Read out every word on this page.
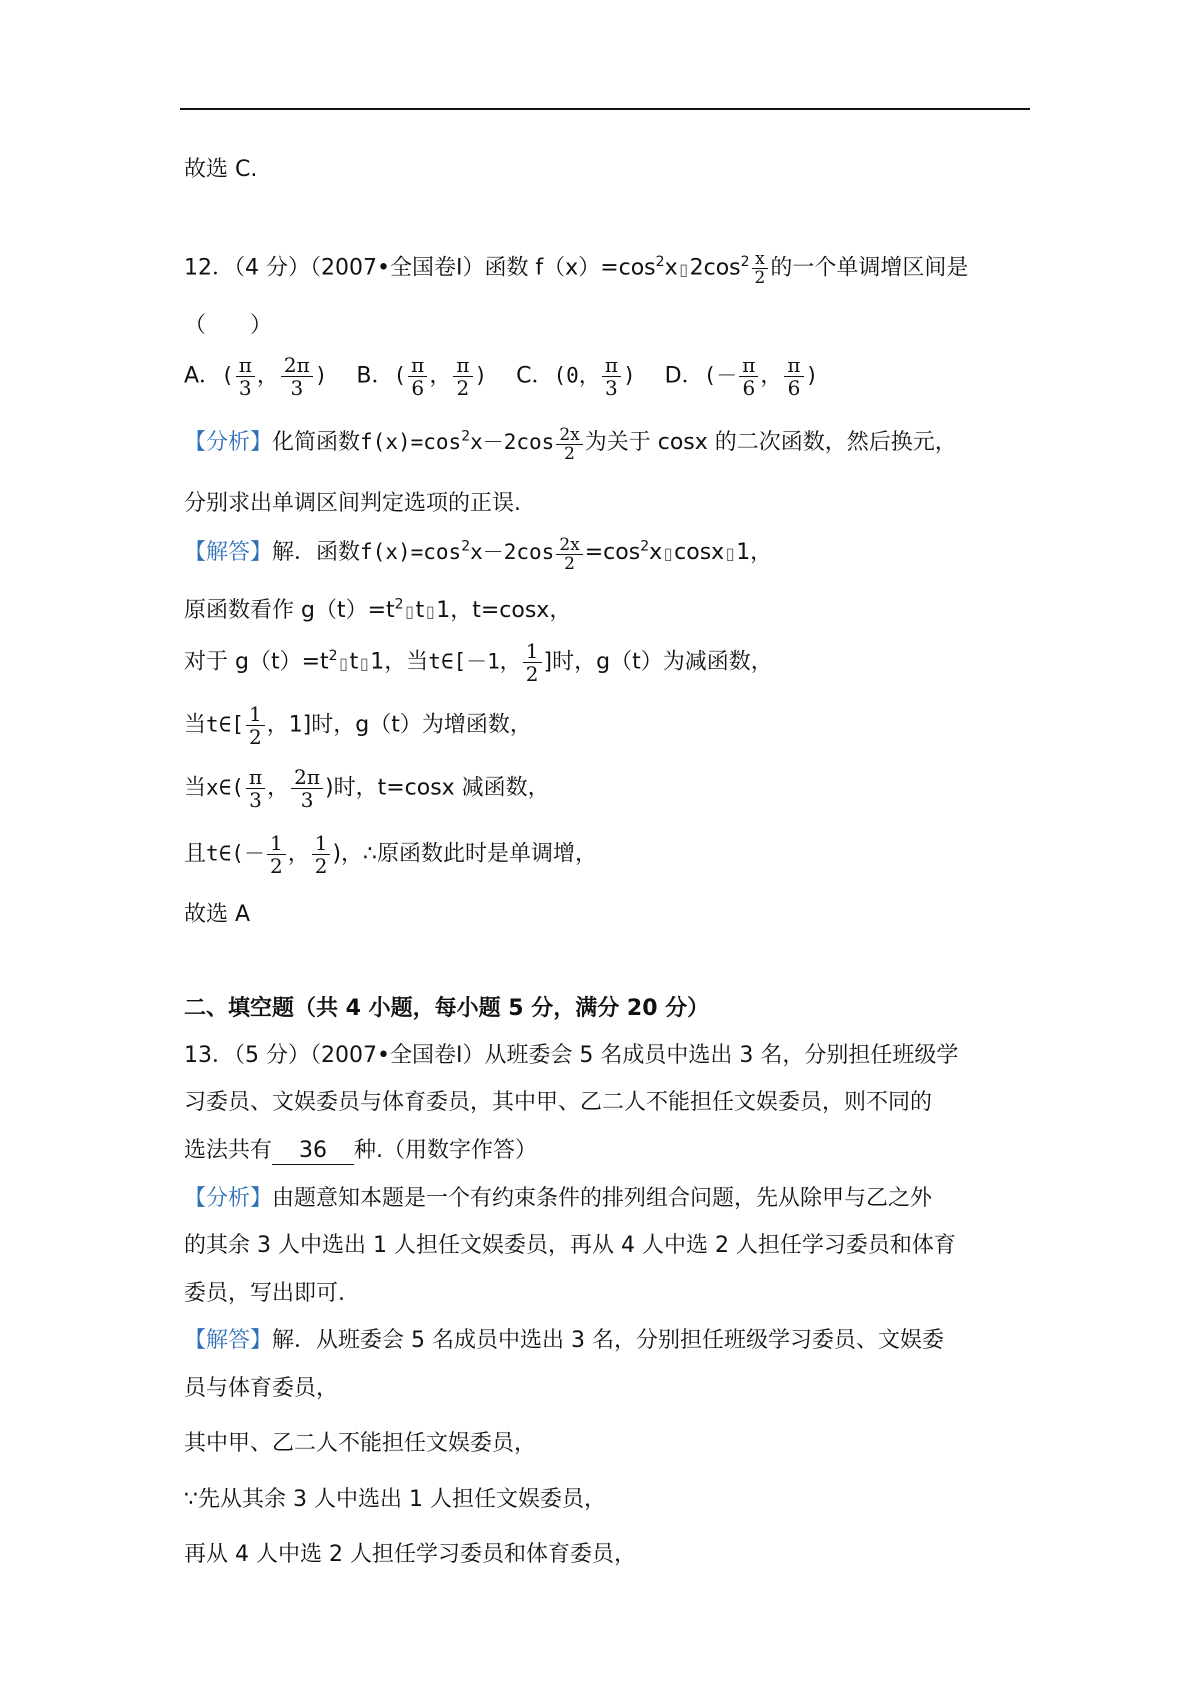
故选 C.
12．（4 分）（2007•全国卷Ⅰ）函数 $f(x)=\cos^2x▯2\cos^2 \frac{x}{2}$ 的一个单调增区间是
（　　）
A．( $\frac{\pi}{3}$ ， $\frac{2\pi}{3}$ ) B．( $\frac{\pi}{6}$ ， $\frac{\pi}{2}$ ) C．(0， $\frac{\pi}{3}$ ) D．(－ $\frac{\pi}{6}$ ， $\frac{\pi}{6}$ )
【分析】化简函数$f(x)=\cos^2x-2\cos \frac{2x}{2}$ 为关于 cosx 的二次函数，然后换元，
分别求出单调区间判定选项的正误.
【解答】解．函数$f(x)=\cos^2x-2\cos \frac{2x}{2}$ $=\cos^2x▯\cos x▯1$，
原函数看作 $g(t)=t^2▯t▯1$，t=cosx，
对于 $g(t)=t^2▯t▯1$，当t∈[－1， $\frac{1}{2}$ ]时，g（t）为减函数，
当t∈[ $\frac{1}{2}$ ，1]时，g（t）为增函数，
当x∈( $\frac{\pi}{3}$ ， $\frac{2\pi}{3}$ )时，t=cosx 减函数，
且t∈(－ $\frac{1}{2}$ ， $\frac{1}{2}$ )，∴原函数此时是单调增，
故选 A
二、填空题（共 4 小题，每小题 5 分，满分 20 分）
13．（5 分）（2007•全国卷Ⅰ）从班委会 5 名成员中选出 3 名，分别担任班级学
习委员、文娱委员与体育委员，其中甲、乙二人不能担任文娱委员，则不同的
选法共有 36 种.（用数字作答）
【分析】由题意知本题是一个有约束条件的排列组合问题，先从除甲与乙之外
的其余 3 人中选出 1 人担任文娱委员，再从 4 人中选 2 人担任学习委员和体育
委员，写出即可.
【解答】解．从班委会 5 名成员中选出 3 名，分别担任班级学习委员、文娱委
员与体育委员，
其中甲、乙二人不能担任文娱委员，
∵先从其余 3 人中选出 1 人担任文娱委员，
再从 4 人中选 2 人担任学习委员和体育委员，
